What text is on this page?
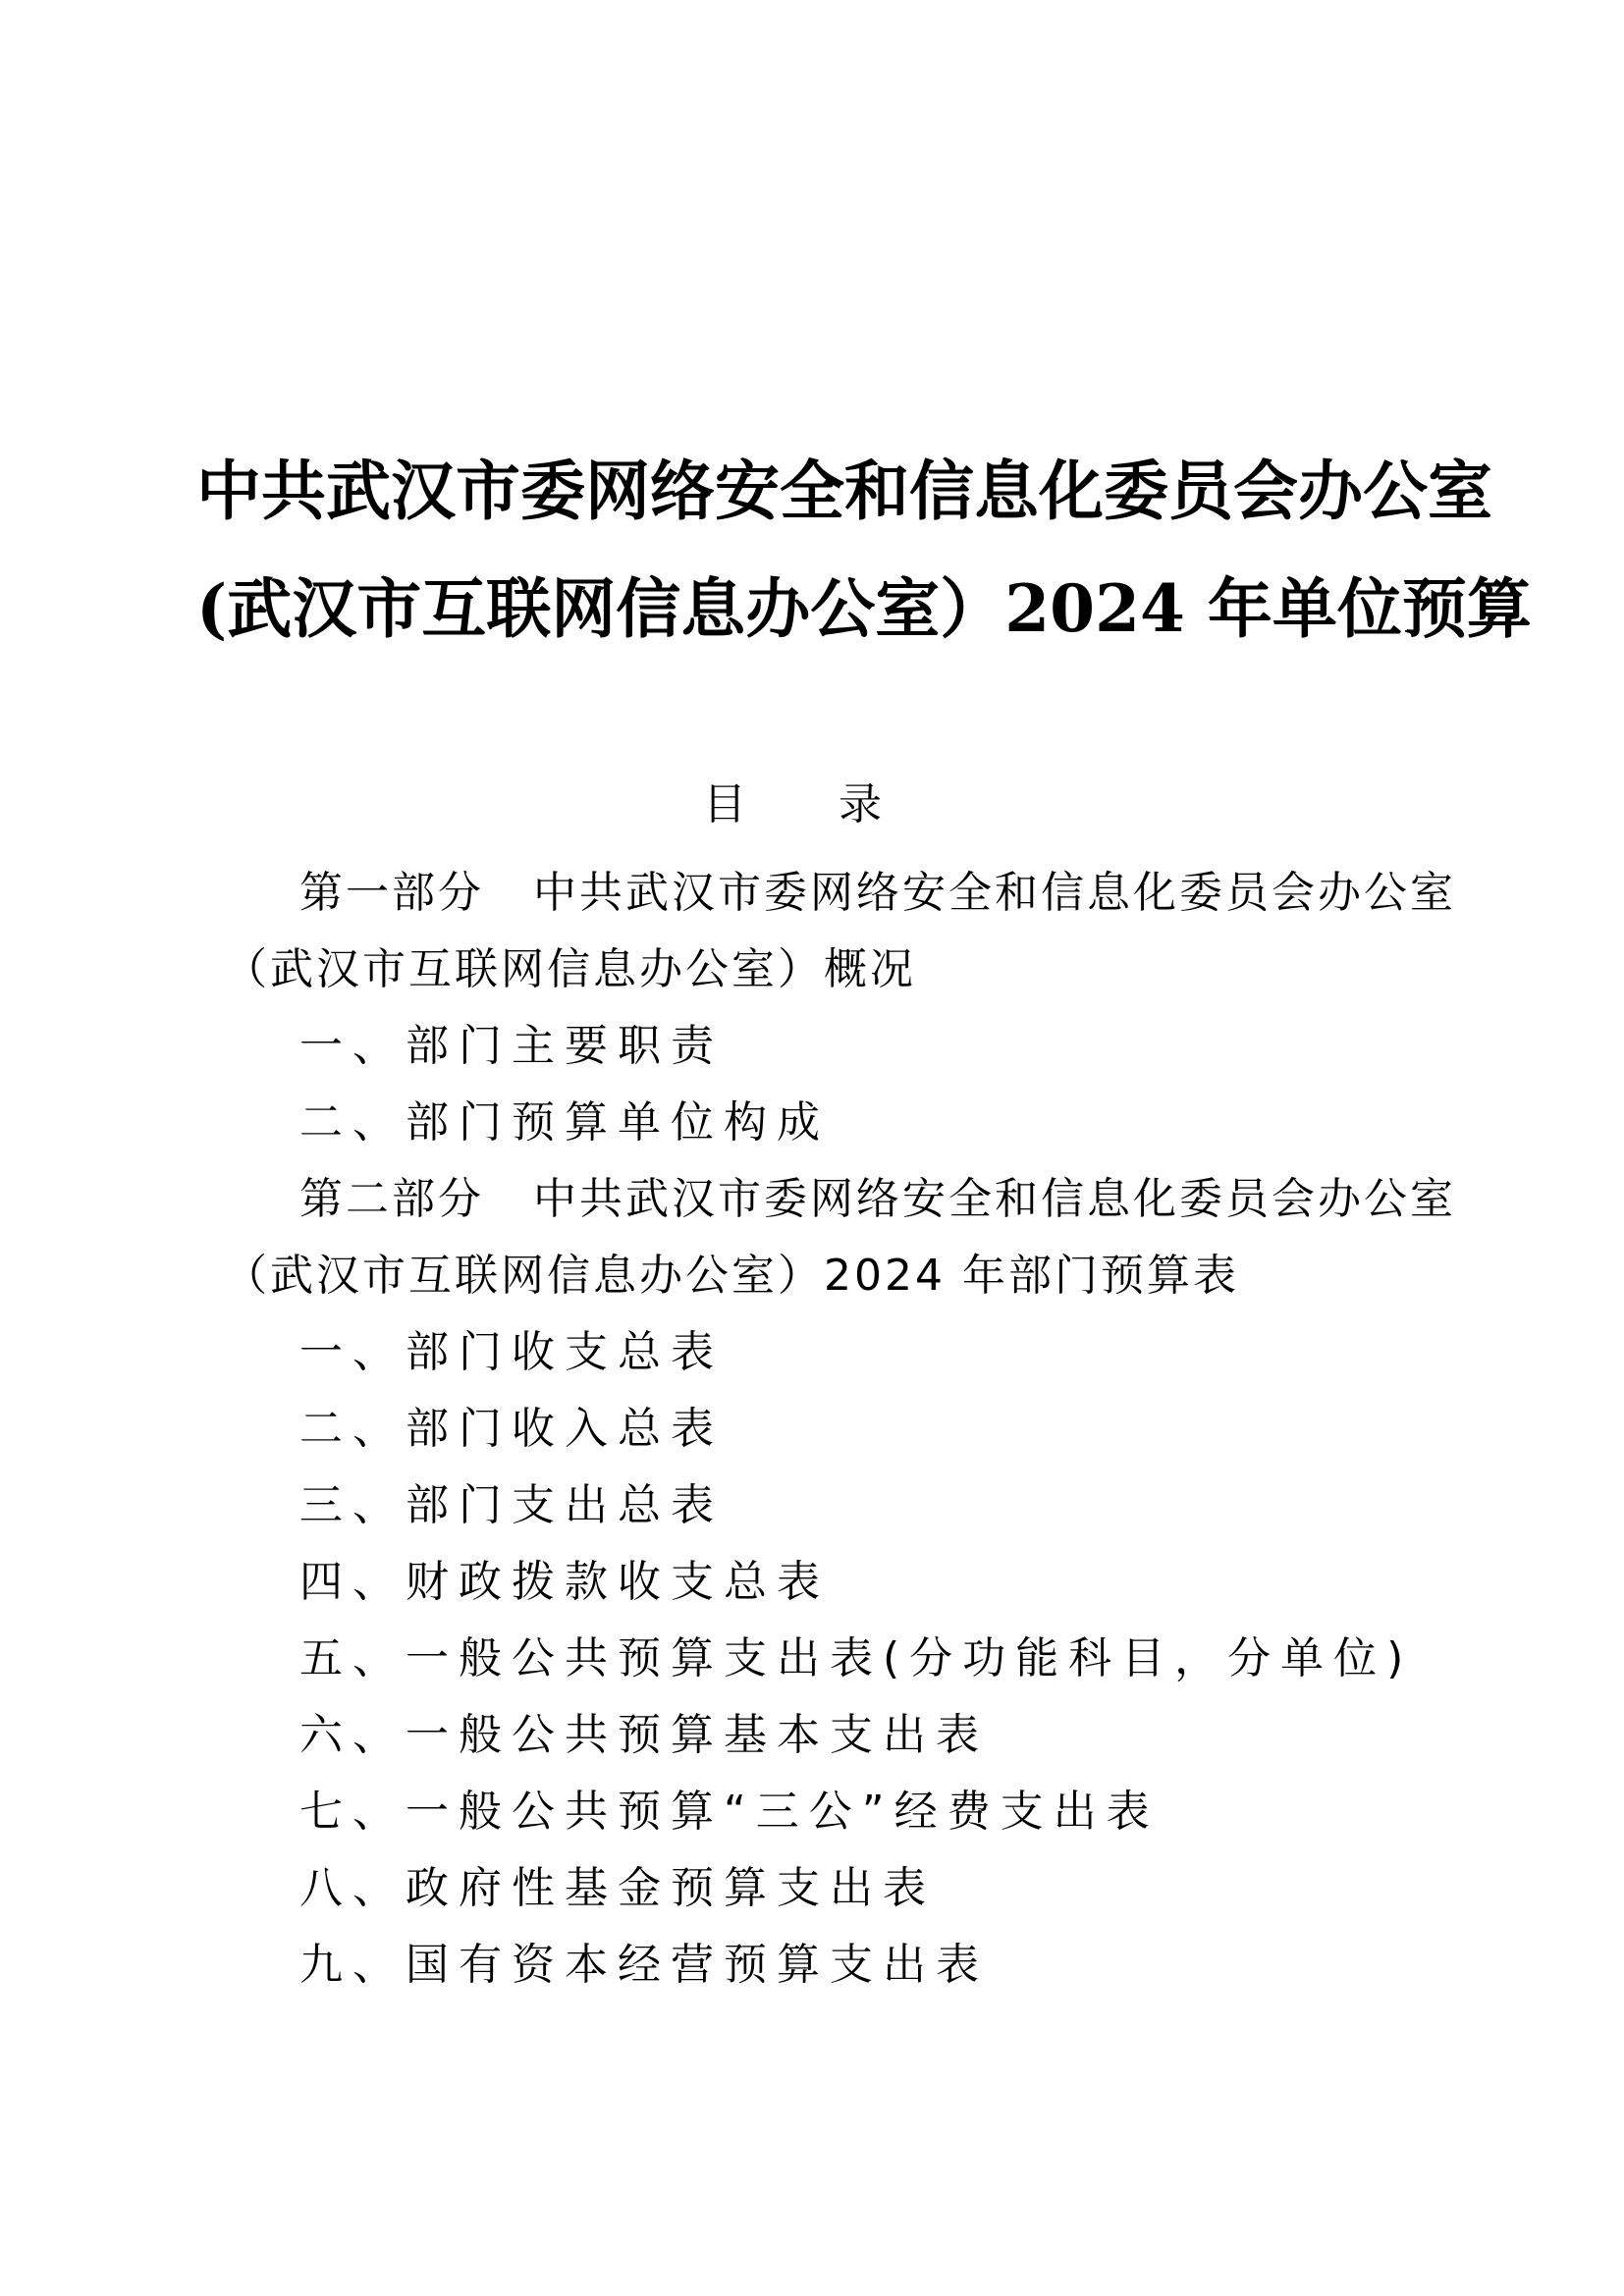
中共武汉市委网络安全和信息化委员会办公室
(武汉市互联网信息办公室）2024 年单位预算
目 录
第一部分 中共武汉市委网络安全和信息化委员会办公室
（武汉市互联网信息办公室）概况
一、部门主要职责
二、部门预算单位构成
第二部分 中共武汉市委网络安全和信息化委员会办公室
（武汉市互联网信息办公室）2024 年部门预算表
一、部门收支总表
二、部门收入总表
三、部门支出总表
四、财政拨款收支总表
五、一般公共预算支出表(分功能科目，分单位)
六、一般公共预算基本支出表
七、一般公共预算“三公”经费支出表
八、政府性基金预算支出表
九、国有资本经营预算支出表
